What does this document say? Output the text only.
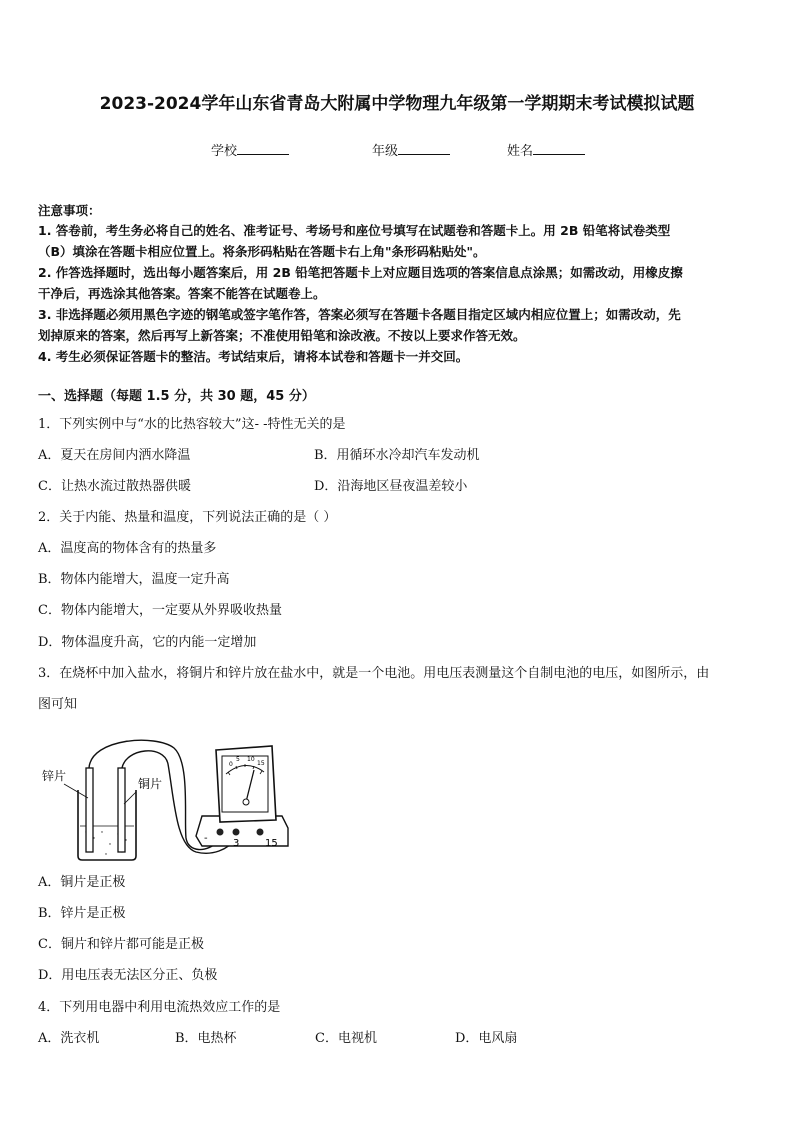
2023-2024学年山东省青岛大附属中学物理九年级第一学期期末考试模拟试题
学校	年级	姓名
注意事项：
1. 答卷前，考生务必将自己的姓名、准考证号、考场号和座位号填写在试题卷和答题卡上。用 2B 铅笔将试卷类型
（B）填涂在答题卡相应位置上。将条形码粘贴在答题卡右上角"条形码粘贴处"。
2. 作答选择题时，选出每小题答案后，用 2B 铅笔把答题卡上对应题目选项的答案信息点涂黑；如需改动，用橡皮擦
干净后，再选涂其他答案。答案不能答在试题卷上。
3. 非选择题必须用黑色字迹的钢笔或签字笔作答，答案必须写在答题卡各题目指定区域内相应位置上；如需改动，先
划掉原来的答案，然后再写上新答案；不准使用铅笔和涂改液。不按以上要求作答无效。
4. 考生必须保证答题卡的整洁。考试结束后，请将本试卷和答题卡一并交回。
一、选择题（每题 1.5 分，共 30 题，45 分）
1．下列实例中与“水的比热容较大”这- -特性无关的是
A．夏天在房间内洒水降温	B．用循环水冷却汽车发动机
C．让热水流过散热器供暖	D．沿海地区昼夜温差较小
2．关于内能、热量和温度，下列说法正确的是（ ）
A．温度高的物体含有的热量多
B．物体内能增大，温度一定升高
C．物体内能增大，一定要从外界吸收热量
D．物体温度升高，它的内能一定增加
3．在烧杯中加入盐水，将铜片和锌片放在盐水中，就是一个电池。用电压表测量这个自制电池的电压，如图所示，由
图可知
锌片
铜片
0
5 10
15
-	3	15
A．铜片是正极
B．锌片是正极
C．铜片和锌片都可能是正极
D．用电压表无法区分正、负极
4．下列用电器中利用电流热效应工作的是
A．洗衣机	B．电热杯	C．电视机	D．电风扇
